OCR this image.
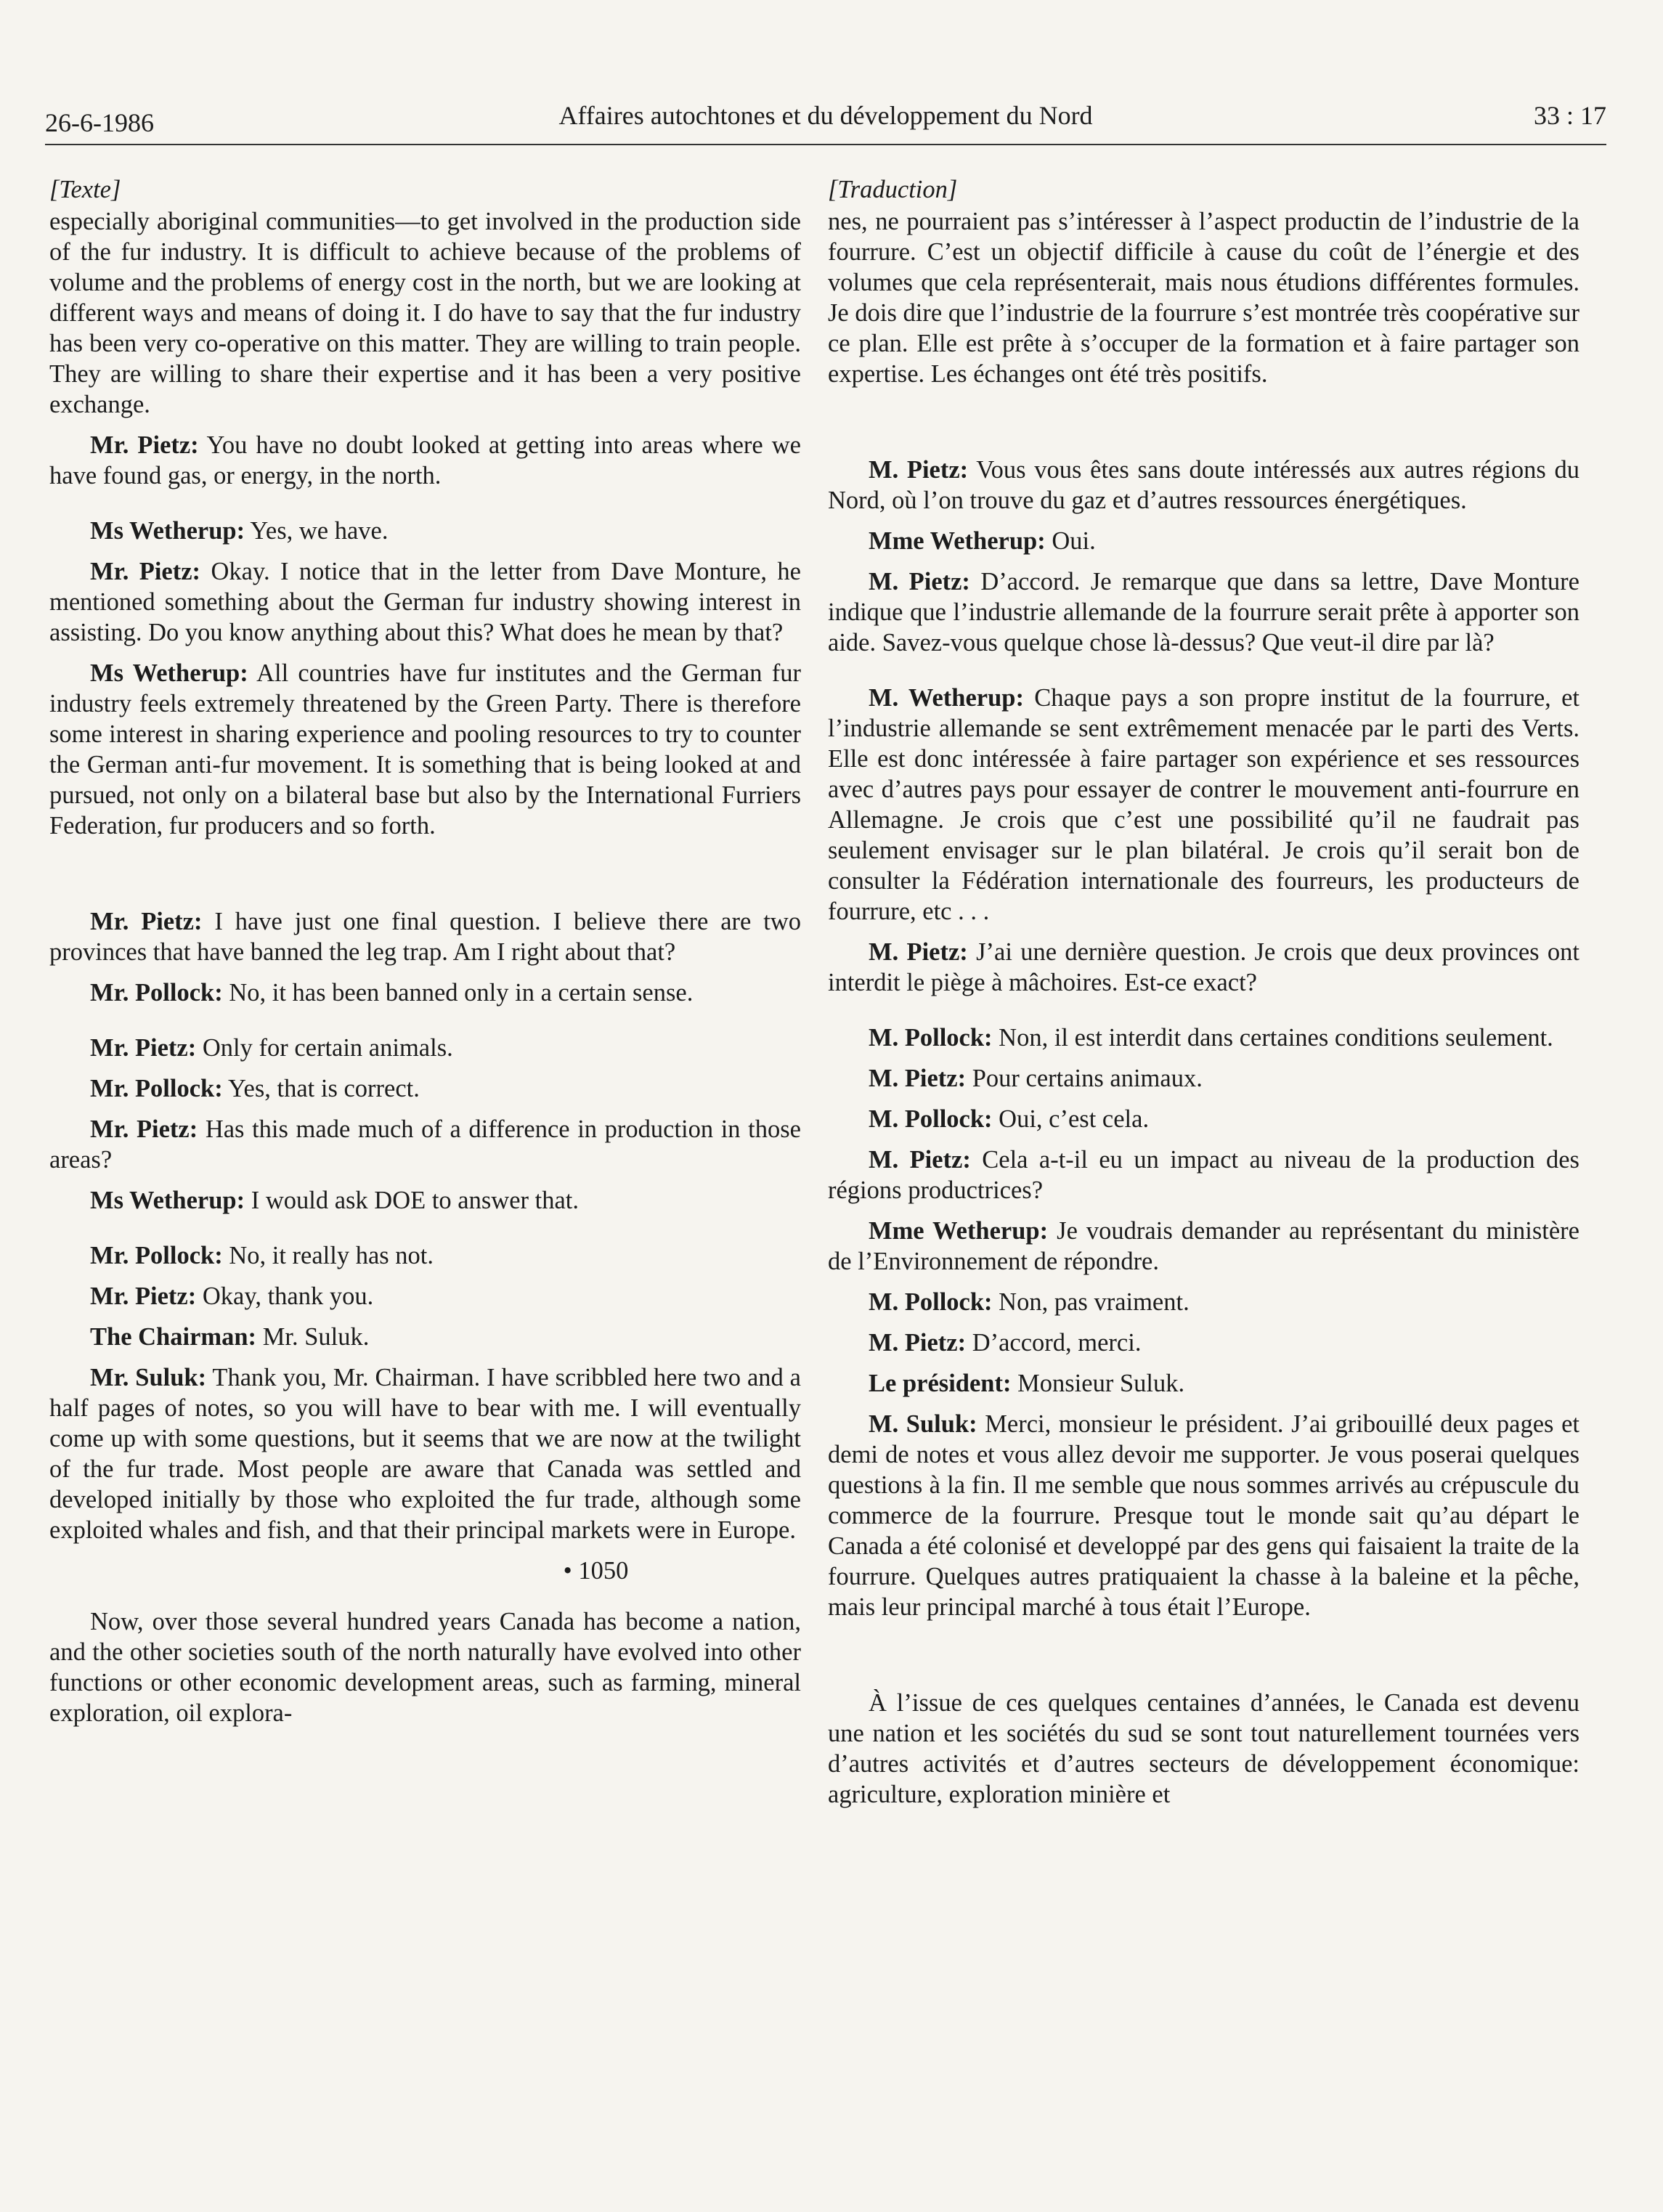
26-6-1986	Affaires autochtones et du développement du Nord	33 : 17

[Texte]

especially aboriginal communities—to get involved in the production side of the fur industry. It is difficult to achieve because of the problems of volume and the problems of energy cost in the north, but we are looking at different ways and means of doing it. I do have to say that the fur industry has been very co-operative on this matter. They are willing to train people. They are willing to share their expertise and it has been a very positive exchange.

Mr. Pietz: You have no doubt looked at getting into areas where we have found gas, or energy, in the north.

Ms Wetherup: Yes, we have.

Mr. Pietz: Okay. I notice that in the letter from Dave Monture, he mentioned something about the German fur industry showing interest in assisting. Do you know anything about this? What does he mean by that?

Ms Wetherup: All countries have fur institutes and the German fur industry feels extremely threatened by the Green Party. There is therefore some interest in sharing experience and pooling resources to try to counter the German anti-fur movement. It is something that is being looked at and pursued, not only on a bilateral base but also by the International Furriers Federation, fur producers and so forth.

Mr. Pietz: I have just one final question. I believe there are two provinces that have banned the leg trap. Am I right about that?

Mr. Pollock: No, it has been banned only in a certain sense.

Mr. Pietz: Only for certain animals.

Mr. Pollock: Yes, that is correct.

Mr. Pietz: Has this made much of a difference in production in those areas?

Ms Wetherup: I would ask DOE to answer that.

Mr. Pollock: No, it really has not.

Mr. Pietz: Okay, thank you.

The Chairman: Mr. Suluk.

Mr. Suluk: Thank you, Mr. Chairman. I have scribbled here two and a half pages of notes, so you will have to bear with me. I will eventually come up with some questions, but it seems that we are now at the twilight of the fur trade. Most people are aware that Canada was settled and developed initially by those who exploited the fur trade, although some exploited whales and fish, and that their principal markets were in Europe.

• 1050

Now, over those several hundred years Canada has become a nation, and the other societies south of the north naturally have evolved into other functions or other economic development areas, such as farming, mineral exploration, oil explora-

[Traduction]

nes, ne pourraient pas s’intéresser à l’aspect productin de l’industrie de la fourrure. C’est un objectif difficile à cause du coût de l’énergie et des volumes que cela représenterait, mais nous étudions différentes formules. Je dois dire que l’industrie de la fourrure s’est montrée très coopérative sur ce plan. Elle est prête à s’occuper de la formation et à faire partager son expertise. Les échanges ont été très positifs.

M. Pietz: Vous vous êtes sans doute intéressés aux autres régions du Nord, où l’on trouve du gaz et d’autres ressources énergétiques.

Mme Wetherup: Oui.

M. Pietz: D’accord. Je remarque que dans sa lettre, Dave Monture indique que l’industrie allemande de la fourrure serait prête à apporter son aide. Savez-vous quelque chose là-dessus? Que veut-il dire par là?

M. Wetherup: Chaque pays a son propre institut de la fourrure, et l’industrie allemande se sent extrêmement menacée par le parti des Verts. Elle est donc intéressée à faire partager son expérience et ses ressources avec d’autres pays pour essayer de contrer le mouvement anti-fourrure en Allemagne. Je crois que c’est une possibilité qu’il ne faudrait pas seulement envisager sur le plan bilatéral. Je crois qu’il serait bon de consulter la Fédération internationale des fourreurs, les producteurs de fourrure, etc . . .

M. Pietz: J’ai une dernière question. Je crois que deux provinces ont interdit le piège à mâchoires. Est-ce exact?

M. Pollock: Non, il est interdit dans certaines conditions seulement.

M. Pietz: Pour certains animaux.

M. Pollock: Oui, c’est cela.

M. Pietz: Cela a-t-il eu un impact au niveau de la production des régions productrices?

Mme Wetherup: Je voudrais demander au représentant du ministère de l’Environnement de répondre.

M. Pollock: Non, pas vraiment.

M. Pietz: D’accord, merci.

Le président: Monsieur Suluk.

M. Suluk: Merci, monsieur le président. J’ai gribouillé deux pages et demi de notes et vous allez devoir me supporter. Je vous poserai quelques questions à la fin. Il me semble que nous sommes arrivés au crépuscule du commerce de la fourrure. Presque tout le monde sait qu’au départ le Canada a été colonisé et developpé par des gens qui faisaient la traite de la fourrure. Quelques autres pratiquaient la chasse à la baleine et la pêche, mais leur principal marché à tous était l’Europe.

À l’issue de ces quelques centaines d’années, le Canada est devenu une nation et les sociétés du sud se sont tout naturellement tournées vers d’autres activités et d’autres secteurs de développement économique: agriculture, exploration minière et
